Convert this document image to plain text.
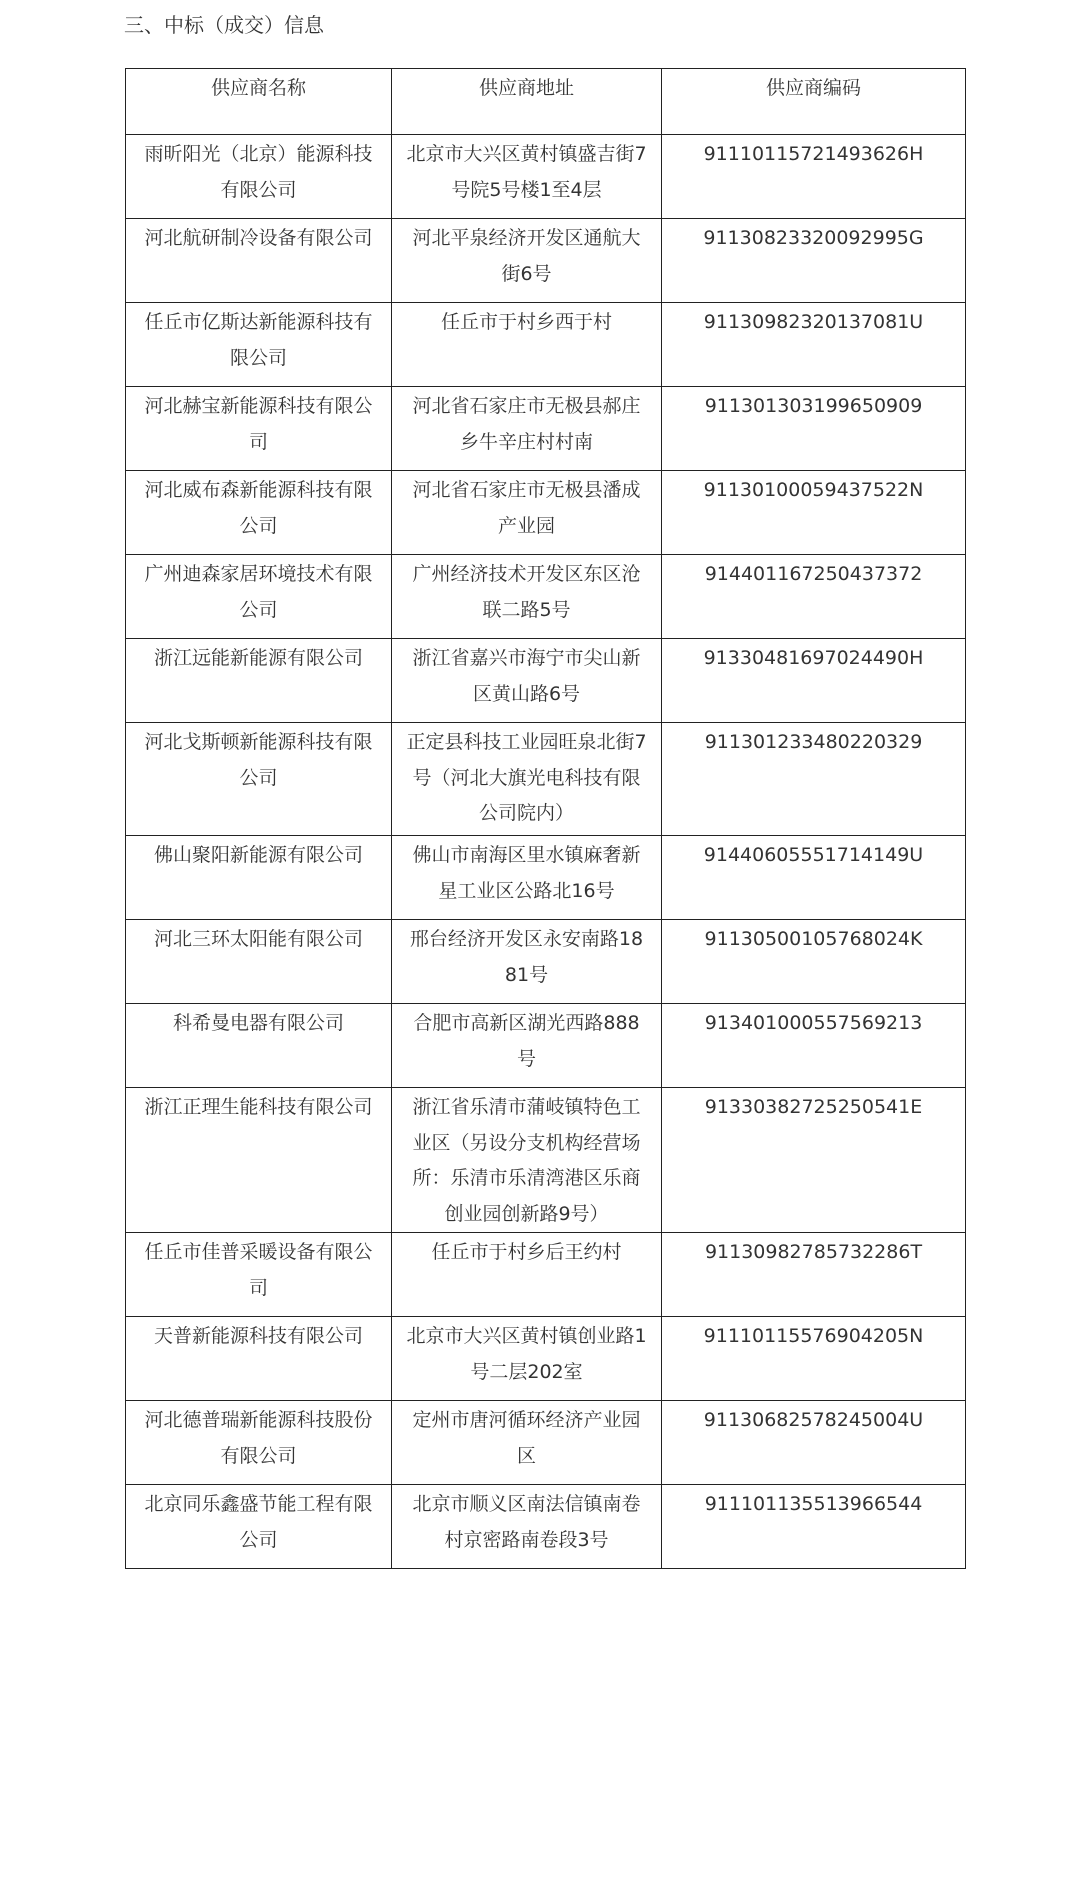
三、中标（成交）信息
供应商名称	供应商地址	供应商编码
雨昕阳光（北京）能源科技有限公司	北京市大兴区黄村镇盛吉街7号院5号楼1至4层	91110115721493626H
河北航研制冷设备有限公司	河北平泉经济开发区通航大街6号	91130823320092995G
任丘市亿斯达新能源科技有限公司	任丘市于村乡西于村	91130982320137081U
河北赫宝新能源科技有限公司	河北省石家庄市无极县郝庄乡牛辛庄村村南	911301303199650909
河北威布森新能源科技有限公司	河北省石家庄市无极县潘成产业园	91130100059437522N
广州迪森家居环境技术有限公司	广州经济技术开发区东区沧联二路5号	914401167250437372
浙江远能新能源有限公司	浙江省嘉兴市海宁市尖山新区黄山路6号	91330481697024490H
河北戈斯顿新能源科技有限公司	正定县科技工业园旺泉北街7号（河北大旗光电科技有限公司院内）	911301233480220329
佛山聚阳新能源有限公司	佛山市南海区里水镇麻奢新星工业区公路北16号	91440605551714149U
河北三环太阳能有限公司	邢台经济开发区永安南路1881号	91130500105768024K
科希曼电器有限公司	合肥市高新区湖光西路888号	913401000557569213
浙江正理生能科技有限公司	浙江省乐清市蒲岐镇特色工业区（另设分支机构经营场所：乐清市乐清湾港区乐商创业园创新路9号）	91330382725250541E
任丘市佳普采暖设备有限公司	任丘市于村乡后王约村	91130982785732286T
天普新能源科技有限公司	北京市大兴区黄村镇创业路1号二层202室	91110115576904205N
河北德普瑞新能源科技股份有限公司	定州市唐河循环经济产业园区	91130682578245004U
北京同乐鑫盛节能工程有限公司	北京市顺义区南法信镇南卷村京密路南卷段3号	911101135513966544
